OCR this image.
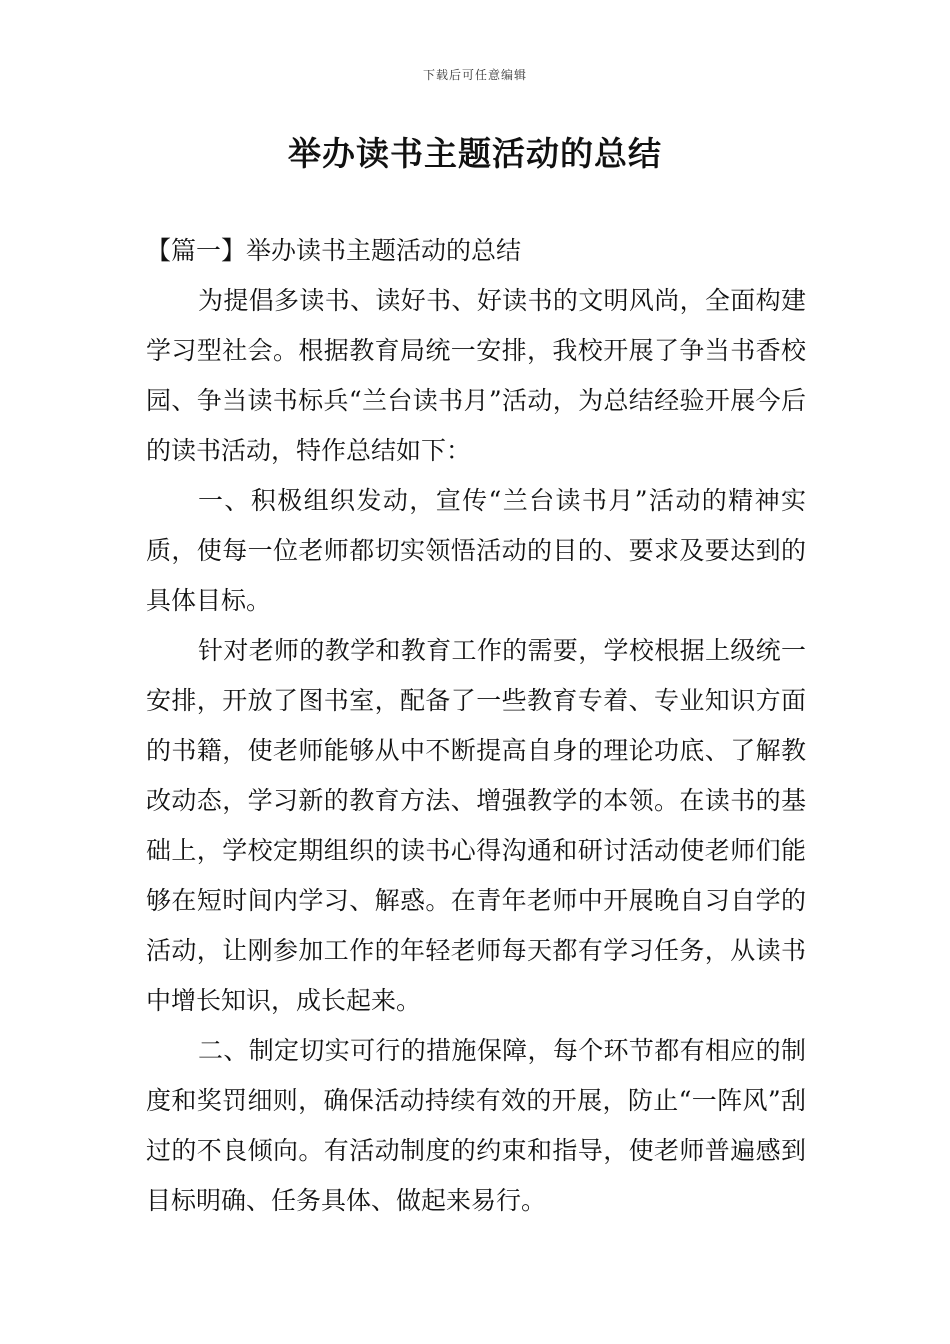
下载后可任意编辑
举办读书主题活动的总结

【篇一】举办读书主题活动的总结

为提倡多读书、读好书、好读书的文明风尚，全面构建学习型社会。根据教育局统一安排，我校开展了争当书香校园、争当读书标兵“兰台读书月”活动，为总结经验开展今后的读书活动，特作总结如下：

一、积极组织发动，宣传“兰台读书月”活动的精神实质，使每一位老师都切实领悟活动的目的、要求及要达到的具体目标。

针对老师的教学和教育工作的需要，学校根据上级统一安排，开放了图书室，配备了一些教育专着、专业知识方面的书籍，使老师能够从中不断提高自身的理论功底、了解教改动态，学习新的教育方法、增强教学的本领。在读书的基础上，学校定期组织的读书心得沟通和研讨活动使老师们能够在短时间内学习、解惑。在青年老师中开展晚自习自学的活动，让刚参加工作的年轻老师每天都有学习任务，从读书中增长知识，成长起来。

二、制定切实可行的措施保障，每个环节都有相应的制度和奖罚细则，确保活动持续有效的开展，防止“一阵风”刮过的不良倾向。有活动制度的约束和指导，使老师普遍感到目标明确、任务具体、做起来易行。
